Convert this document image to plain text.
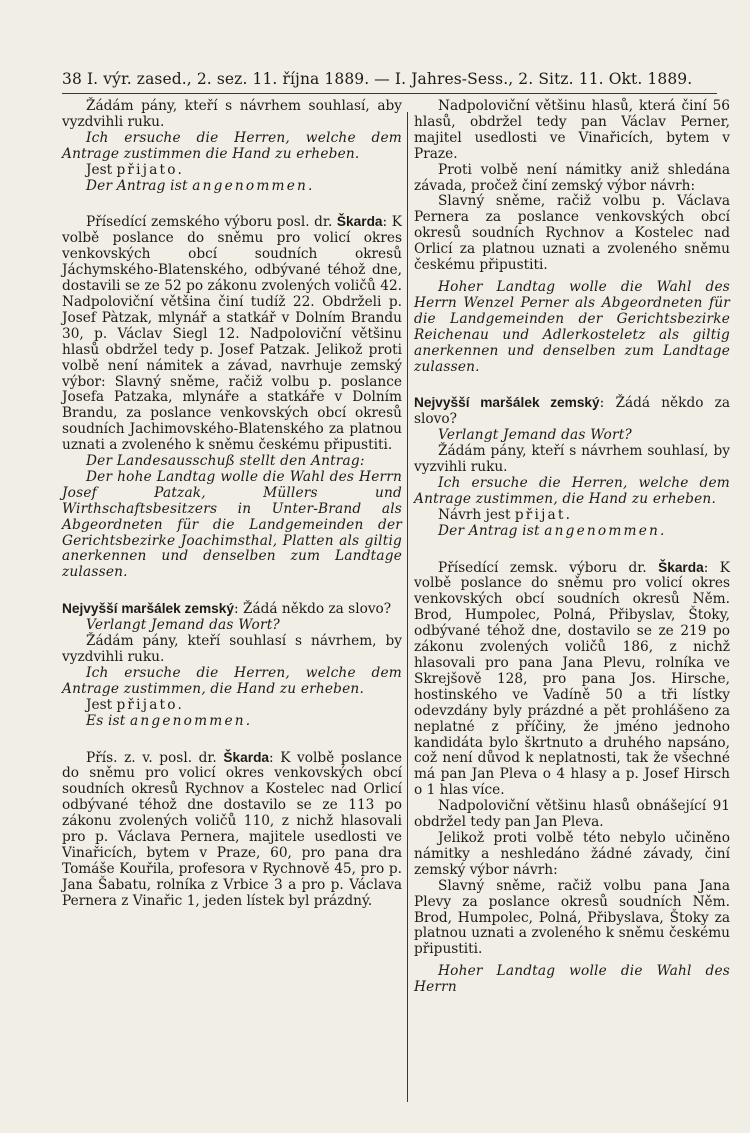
38 I. výr. zased., 2. sez. 11. října 1889. — I. Jahres-Sess., 2. Sitz. 11. Okt. 1889.

Žádám pány, kteří s návrhem souhlasí, aby vyzdvihli ruku.

Ich ersuche die Herren, welche dem Antrage zustimmen die Hand zu erheben.

Jest přijato.

Der Antrag ist angenommen.

Přísedící zemského výboru posl. dr. Škarda: K volbě poslance do sněmu pro volicí okres venkovských obcí soudních okresů Jáchymského-Blatenského, odbývané téhož dne, dostavili se ze 52 po zákonu zvolených voličů 42. Nadpoloviční většina činí tudíž 22. Obdrželi p. Josef Pàtzak, mlynář a statkář v Dolním Brandu 30, p. Václav Siegl 12. Nadpoloviční většinu hlasů obdržel tedy p. Josef Patzak. Jelikož proti volbě není námitek a závad, navrhuje zemský výbor: Slavný sněme, račiž volbu p. poslance Josefa Patzaka, mlynáře a statkáře v Dolním Brandu, za poslance venkovských obcí okresů soudních Jachimovského-Blatenského za platnou uznati a zvoleného k sněmu českému připustiti.

Der Landesausschuß stellt den Antrag:

Der hohe Landtag wolle die Wahl des Herrn Josef Patzak, Müllers und Wirthschaftsbesitzers in Unter-Brand als Abgeordneten für die Landgemeinden der Gerichtsbezirke Joachimsthal, Platten als giltig anerkennen und denselben zum Landtage zulassen.

Nejvyšší maršálek zemský: Žádá někdo za slovo?

Verlangt Jemand das Wort?

Žádám pány, kteří souhlasí s návrhem, by vyzdvihli ruku.

Ich ersuche die Herren, welche dem Antrage zustimmen, die Hand zu erheben.

Jest přijato.

Es ist angenommen.

Přís. z. v. posl. dr. Škarda: K volbě poslance do sněmu pro volicí okres venkovských obcí soudních okresů Rychnov a Kostelec nad Orlicí odbývané téhož dne dostavilo se ze 113 po zákonu zvolených voličů 110, z nichž hlasovali pro p. Václava Pernera, majitele usedlosti ve Vinařicích, bytem v Praze, 60, pro pana dra Tomáše Kouřila, profesora v Rychnově 45, pro p. Jana Šabatu, rolníka z Vrbice 3 a pro p. Václava Pernera z Vinařic 1, jeden lístek byl prázdný.

Nadpoloviční většinu hlasů, která činí 56 hlasů, obdržel tedy pan Václav Perner, majitel usedlosti ve Vinařicích, bytem v Praze.

Proti volbě není námitky aniž shledána závada, pročež činí zemský výbor návrh:

Slavný sněme, račiž volbu p. Václava Pernera za poslance venkovských obcí okresů soudních Rychnov a Kostelec nad Orlicí za platnou uznati a zvoleného sněmu českému připustiti.

Hoher Landtag wolle die Wahl des Herrn Wenzel Perner als Abgeordneten für die Landgemeinden der Gerichtsbezirke Reichenau und Adlerkosteletz als giltig anerkennen und denselben zum Landtage zulassen.

Nejvyšší maršálek zemský: Žádá někdo za slovo?

Verlangt Jemand das Wort?

Žádám pány, kteří s návrhem souhlasí, by vyzvihli ruku.

Ich ersuche die Herren, welche dem Antrage zustimmen, die Hand zu erheben.

Návrh jest přijat.

Der Antrag ist angenommen.

Přísedící zemsk. výboru dr. Škarda: K volbě poslance do sněmu pro volicí okres venkovských obcí soudních okresů Něm. Brod, Humpolec, Polná, Přibyslav, Štoky, odbývané téhož dne, dostavilo se ze 219 po zákonu zvolených voličů 186, z nichž hlasovali pro pana Jana Plevu, rolníka ve Skrejšově 128, pro pana Jos. Hirsche, hostinského ve Vadíně 50 a tři lístky odevzdány byly prázdné a pět prohlášeno za neplatné z příčiny, že jméno jednoho kandidáta bylo škrtnuto a druhého napsáno, což není důvod k neplatnosti, tak že všechné má pan Jan Pleva o 4 hlasy a p. Josef Hirsch o 1 hlas více.

Nadpoloviční většinu hlasů obnášející 91 obdržel tedy pan Jan Pleva.

Jelikož proti volbě této nebylo učiněno námitky a neshledáno žádné závady, činí zemský výbor návrh:

Slavný sněme, račiž volbu pana Jana Plevy za poslance okresů soudních Něm. Brod, Humpolec, Polná, Přibyslava, Štoky za platnou uznati a zvoleného k sněmu českému připustiti.

Hoher Landtag wolle die Wahl des Herrn
